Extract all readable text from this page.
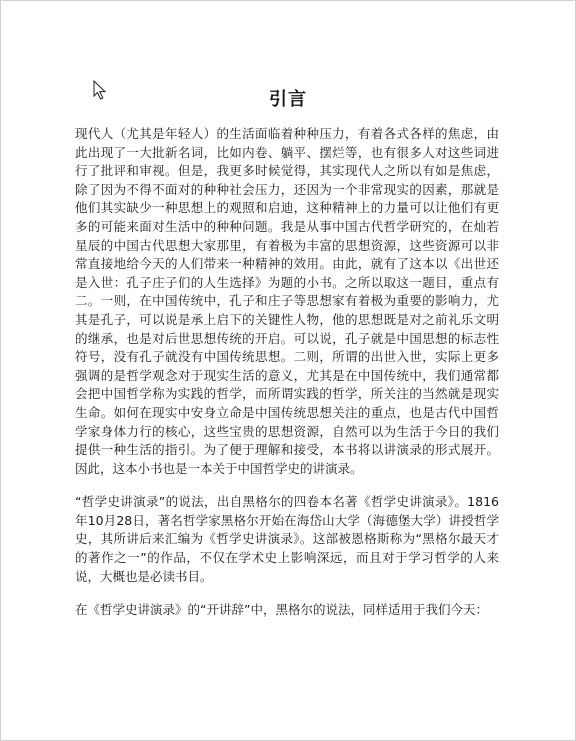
引言

现代人（尤其是年轻人）的生活面临着种种压力，有着各式各样的焦虑，由此出现了一大批新名词，比如内卷、躺平、摆烂等，也有很多人对这些词进行了批评和审视。但是，我更多时候觉得，其实现代人之所以有如是焦虑，除了因为不得不面对的种种社会压力，还因为一个非常现实的因素，那就是他们其实缺少一种思想上的观照和启迪，这种精神上的力量可以让他们有更多的可能来面对生活中的种种问题。我是从事中国古代哲学研究的，在灿若星辰的中国古代思想大家那里，有着极为丰富的思想资源，这些资源可以非常直接地给今天的人们带来一种精神的效用。由此，就有了这本以《出世还是入世：孔子庄子们的人生选择》为题的小书。之所以取这一题目，重点有二。一则，在中国传统中，孔子和庄子等思想家有着极为重要的影响力，尤其是孔子，可以说是承上启下的关键性人物，他的思想既是对之前礼乐文明的继承，也是对后世思想传统的开启。可以说，孔子就是中国思想的标志性符号，没有孔子就没有中国传统思想。二则，所谓的出世入世，实际上更多强调的是哲学观念对于现实生活的意义，尤其是在中国传统中，我们通常都会把中国哲学称为实践的哲学，而所谓实践的哲学，所关注的当然就是现实生命。如何在现实中安身立命是中国传统思想关注的重点，也是古代中国哲学家身体力行的核心，这些宝贵的思想资源，自然可以为生活于今日的我们提供一种生活的指引。为了便于理解和接受，本书将以讲演录的形式展开。因此，这本小书也是一本关于中国哲学史的讲演录。

“哲学史讲演录”的说法，出自黑格尔的四卷本名著《哲学史讲演录》。1816年10月28日，著名哲学家黑格尔开始在海岱山大学（海德堡大学）讲授哲学史，其所讲后来汇编为《哲学史讲演录》。这部被恩格斯称为“黑格尔最天才的著作之一”的作品，不仅在学术史上影响深远，而且对于学习哲学的人来说，大概也是必读书目。

在《哲学史讲演录》的“开讲辞”中，黑格尔的说法，同样适用于我们今天：
